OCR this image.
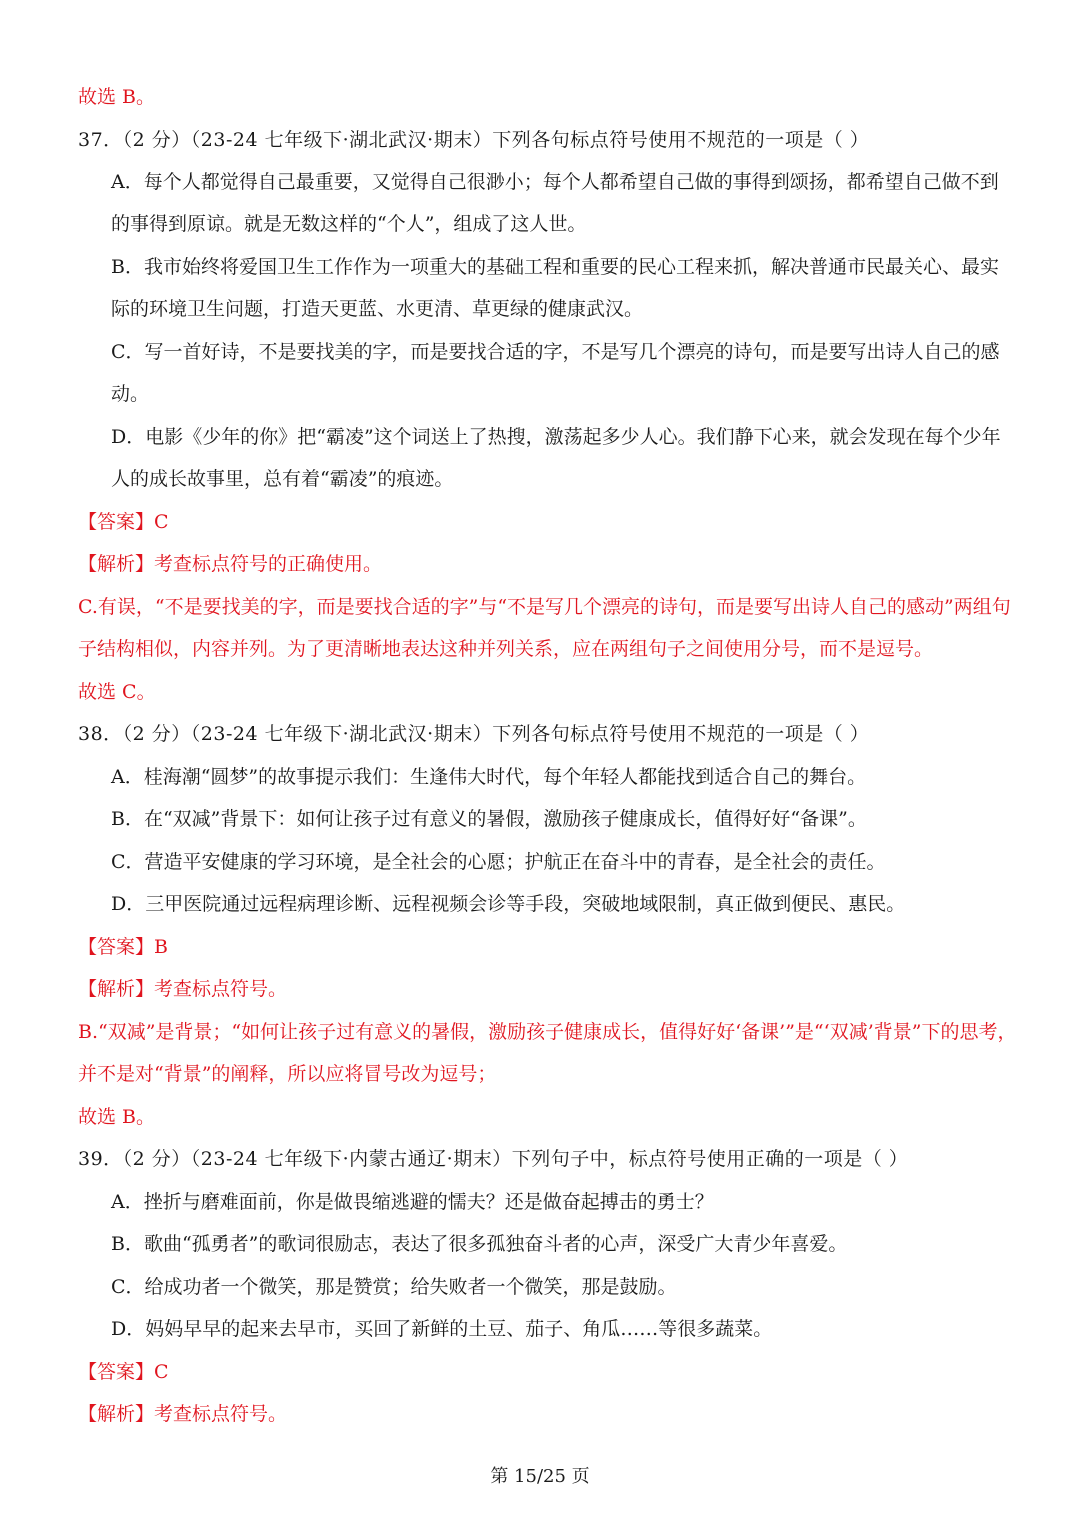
故选 B。
37．（2 分）（23-24 七年级下·湖北武汉·期末）下列各句标点符号使用不规范的一项是（ ）
A．每个人都觉得自己最重要，又觉得自己很渺小；每个人都希望自己做的事得到颂扬，都希望自己做不到
的事得到原谅。就是无数这样的“个人”，组成了这人世。
B．我市始终将爱国卫生工作作为一项重大的基础工程和重要的民心工程来抓，解决普通市民最关心、最实
际的环境卫生问题，打造天更蓝、水更清、草更绿的健康武汉。
C．写一首好诗，不是要找美的字，而是要找合适的字，不是写几个漂亮的诗句，而是要写出诗人自己的感
动。
D．电影《少年的你》把“霸凌”这个词送上了热搜，激荡起多少人心。我们静下心来，就会发现在每个少年
人的成长故事里，总有着“霸凌”的痕迹。
【答案】C
【解析】考查标点符号的正确使用。
C.有误，“不是要找美的字，而是要找合适的字”与“不是写几个漂亮的诗句，而是要写出诗人自己的感动”两组句
子结构相似，内容并列。为了更清晰地表达这种并列关系，应在两组句子之间使用分号，而不是逗号。
故选 C。
38．（2 分）（23-24 七年级下·湖北武汉·期末）下列各句标点符号使用不规范的一项是（ ）
A．桂海潮“圆梦”的故事提示我们：生逢伟大时代，每个年轻人都能找到适合自己的舞台。
B．在“双减”背景下：如何让孩子过有意义的暑假，激励孩子健康成长，值得好好“备课”。
C．营造平安健康的学习环境，是全社会的心愿；护航正在奋斗中的青春，是全社会的责任。
D．三甲医院通过远程病理诊断、远程视频会诊等手段，突破地域限制，真正做到便民、惠民。
【答案】B
【解析】考查标点符号。
B.“双减”是背景；“如何让孩子过有意义的暑假，激励孩子健康成长，值得好好‘备课’”是“‘双减’背景”下的思考，
并不是对“背景”的阐释，所以应将冒号改为逗号；
故选 B。
39．（2 分）（23-24 七年级下·内蒙古通辽·期末）下列句子中，标点符号使用正确的一项是（ ）
A．挫折与磨难面前，你是做畏缩逃避的懦夫？还是做奋起搏击的勇士？
B．歌曲“孤勇者”的歌词很励志，表达了很多孤独奋斗者的心声，深受广大青少年喜爱。
C．给成功者一个微笑，那是赞赏；给失败者一个微笑，那是鼓励。
D．妈妈早早的起来去早市，买回了新鲜的土豆、茄子、角瓜……等很多蔬菜。
【答案】C
【解析】考查标点符号。
第 15/25 页
